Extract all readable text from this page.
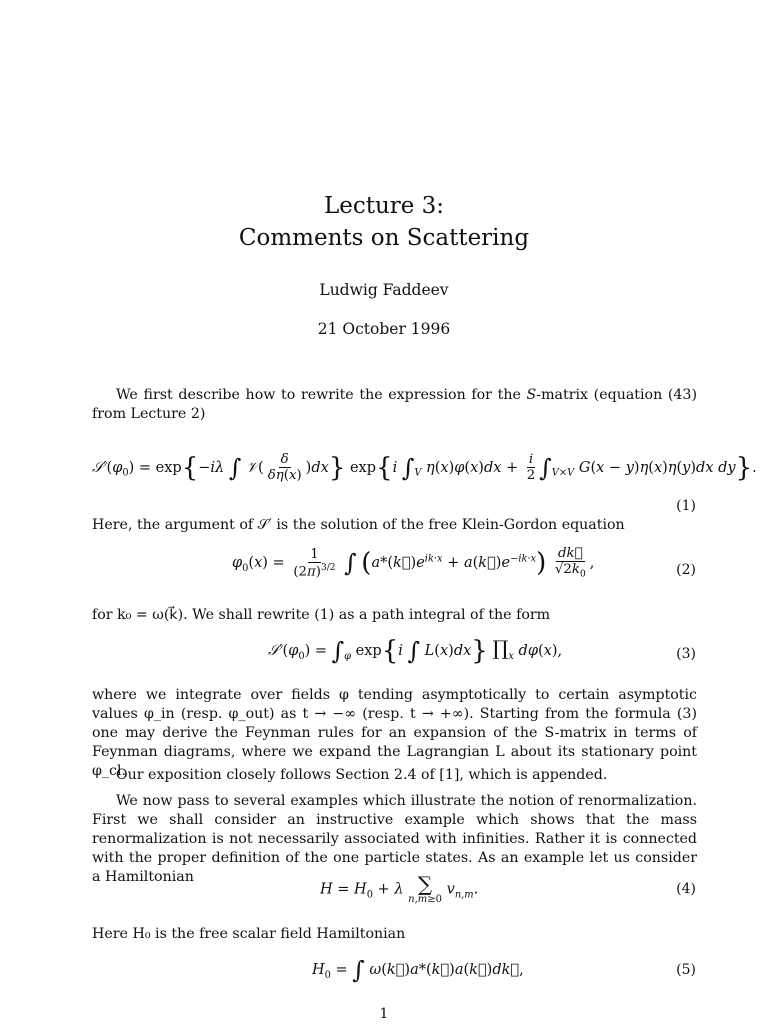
Lecture 3:
Comments on Scattering
Ludwig Faddeev
21 October 1996
We first describe how to rewrite the expression for the S-matrix (equation (43) from Lecture 2)
$𝒮'(\varphi_0) = \exp\{-i\lambda$ ∫ 𝒱( $\frac{\delta}{\delta\eta(x)} )dx$} exp{i $\int_V$ $\eta(x)\varphi(x)dx + \frac{i}{2} \int_{V\times V}$ G(x − y)η(x)η(y)dx dy}.
(1)
Here, the argument of 𝒮′ is the solution of the free Klein-Gordon equation
$\varphi_0(x) = \frac{1}{(2\pi)^{3/2}}$ ∫ ($a*(k⃗)e^{ik\cdot x}$ + $a(k⃗)e^{-ik\cdot x}) \frac{dk⃗}{√2k_0}$ ,	(2)
for k₀ = ω(k⃗). We shall rewrite (1) as a path integral of the form
$𝒮'(\varphi_0) = \int_\varphi$ exp{i ∫ L(x)dx} $\prod_x$ dφ(x),	(3)
where we integrate over fields φ tending asymptotically to certain asymptotic values φ_in (resp. φ_out) as t → −∞ (resp. t → +∞). Starting from the formula (3) one may derive the Feynman rules for an expansion of the S-matrix in terms of Feynman diagrams, where we expand the Lagrangian L about its stationary point φ_cl.
Our exposition closely follows Section 2.4 of [1], which is appended.
We now pass to several examples which illustrate the notion of renormalization. First we shall consider an instructive example which shows that the mass renormalization is not necessarily associated with infinities. Rather it is connected with the proper definition of the one particle states. As an example let us consider a Hamiltonian
$H = H_0 + \lambda$ ∑
n,m≥0
$v_{n,m}$.	(4)
Here H₀ is the free scalar field Hamiltonian
$H_0$ = ∫ ω(k⃗)a*(k⃗)a(k⃗)dk⃗,	(5)
1
